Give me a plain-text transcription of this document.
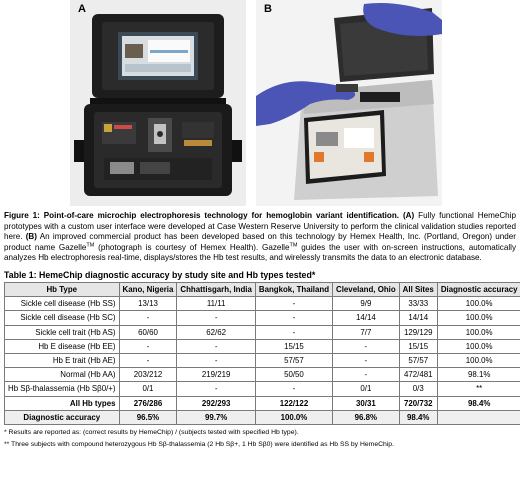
A	B

Figure 1: Point-of-care microchip electrophoresis technology for hemoglobin variant identification. (A) Fully functional HemeChip prototypes with a custom user interface were developed at Case Western Reserve University to perform the clinical validation studies reported here. (B) An improved commercial product has been developed based on this technology by Hemex Health, Inc. (Portland, Oregon) under product name Gazelle™ (photograph is courtesy of Hemex Health). Gazelle™ guides the user with on-screen instructions, automatically analyzes Hb electrophoresis real-time, displays/stores the Hb test results, and wirelessly transmits the data to an electronic database.

Table 1: HemeChip diagnostic accuracy by study site and Hb types tested*
Hb Type	Kano, Nigeria	Chhattisgarh, India	Bangkok, Thailand	Cleveland, Ohio	All Sites	Diagnostic accuracy
Sickle cell disease (Hb SS)	13/13	11/11	-	9/9	33/33	100.0%
Sickle cell disease (Hb SC)	-	-	-	14/14	14/14	100.0%
Sickle cell trait (Hb AS)	60/60	62/62	-	7/7	129/129	100.0%
Hb E disease (Hb EE)	-	-	15/15	-	15/15	100.0%
Hb E trait (Hb AE)	-	-	57/57	-	57/57	100.0%
Normal (Hb AA)	203/212	219/219	50/50	-	472/481	98.1%
Hb Sβ-thalassemia (Hb Sβ0/+)	0/1	-	-	0/1	0/3	**
All Hb types	276/286	292/293	122/122	30/31	720/732	98.4%
Diagnostic accuracy	96.5%	99.7%	100.0%	96.8%	98.4%	
* Results are reported as: (correct results by HemeChip) / (subjects tested with specified Hb type).
** Three subjects with compound heterozygous Hb Sβ-thalassemia (2 Hb Sβ+, 1 Hb Sβ0) were identified as Hb SS by HemeChip.
